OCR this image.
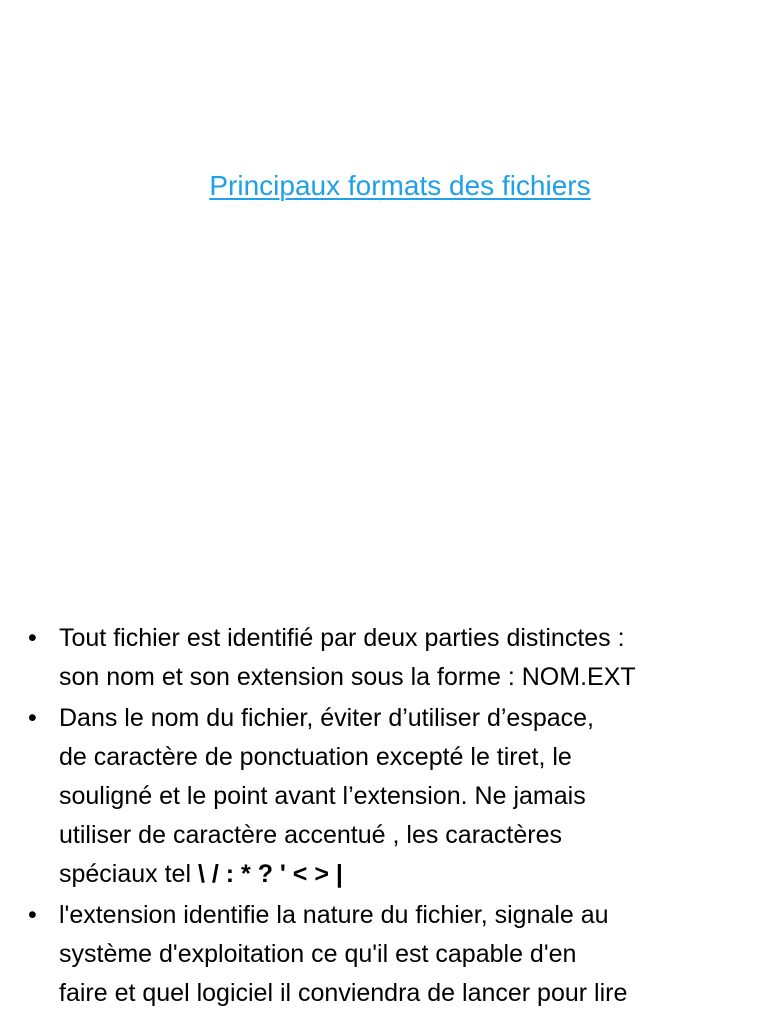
Principaux formats des fichiers
• Tout fichier est identifié par deux parties distinctes :
son nom et son extension sous la forme : NOM.EXT
• Dans le nom du fichier, éviter d’utiliser d’espace,
de caractère de ponctuation excepté le tiret, le
souligné et le point avant l’extension. Ne jamais
utiliser de caractère accentué , les caractères
spéciaux tel \ / : * ? ' < > |
• l'extension identifie la nature du fichier, signale au
système d'exploitation ce qu'il est capable d'en
faire et quel logiciel il conviendra de lancer pour lire
